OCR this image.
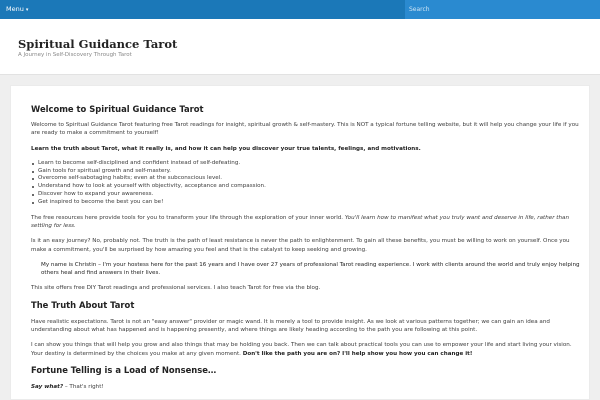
Menu ▾
Search
Spiritual Guidance Tarot
A Journey in Self-Discovery Through Tarot
Welcome to Spiritual Guidance Tarot

Welcome to Spiritual Guidance Tarot featuring free Tarot readings for insight, spiritual growth & self-mastery. This is NOT a typical fortune telling website, but it will help you change your life if you are ready to make a commitment to yourself!

Learn the truth about Tarot, what it really is, and how it can help you discover your true talents, feelings, and motivations.

Learn to become self-disciplined and confident instead of self-defeating.
Gain tools for spiritual growth and self-mastery.
Overcome self-sabotaging habits; even at the subconscious level.
Understand how to look at yourself with objectivity, acceptance and compassion.
Discover how to expand your awareness.
Get inspired to become the best you can be!

The free resources here provide tools for you to transform your life through the exploration of your inner world. You'll learn how to manifest what you truly want and deserve in life, rather than settling for less.

Is it an easy journey? No, probably not. The truth is the path of least resistance is never the path to enlightenment. To gain all these benefits, you must be willing to work on yourself. Once you make a commitment, you'll be surprised by how amazing you feel and that is the catalyst to keep seeking and growing.

My name is Christin – I'm your hostess here for the past 16 years and I have over 27 years of professional Tarot reading experience. I work with clients around the world and truly enjoy helping others heal and find answers in their lives.

This site offers free DIY Tarot readings and professional services. I also teach Tarot for free via the blog.

The Truth About Tarot

Have realistic expectations. Tarot is not an "easy answer" provider or magic wand. It is merely a tool to provide insight. As we look at various patterns together; we can gain an idea and understanding about what has happened and is happening presently, and where things are likely heading according to the path you are following at this point.

I can show you things that will help you grow and also things that may be holding you back. Then we can talk about practical tools you can use to empower your life and start living your vision. Your destiny is determined by the choices you make at any given moment. Don't like the path you are on? I'll help show you how you can change it!

Fortune Telling is a Load of Nonsense…

Say what? – That's right!
